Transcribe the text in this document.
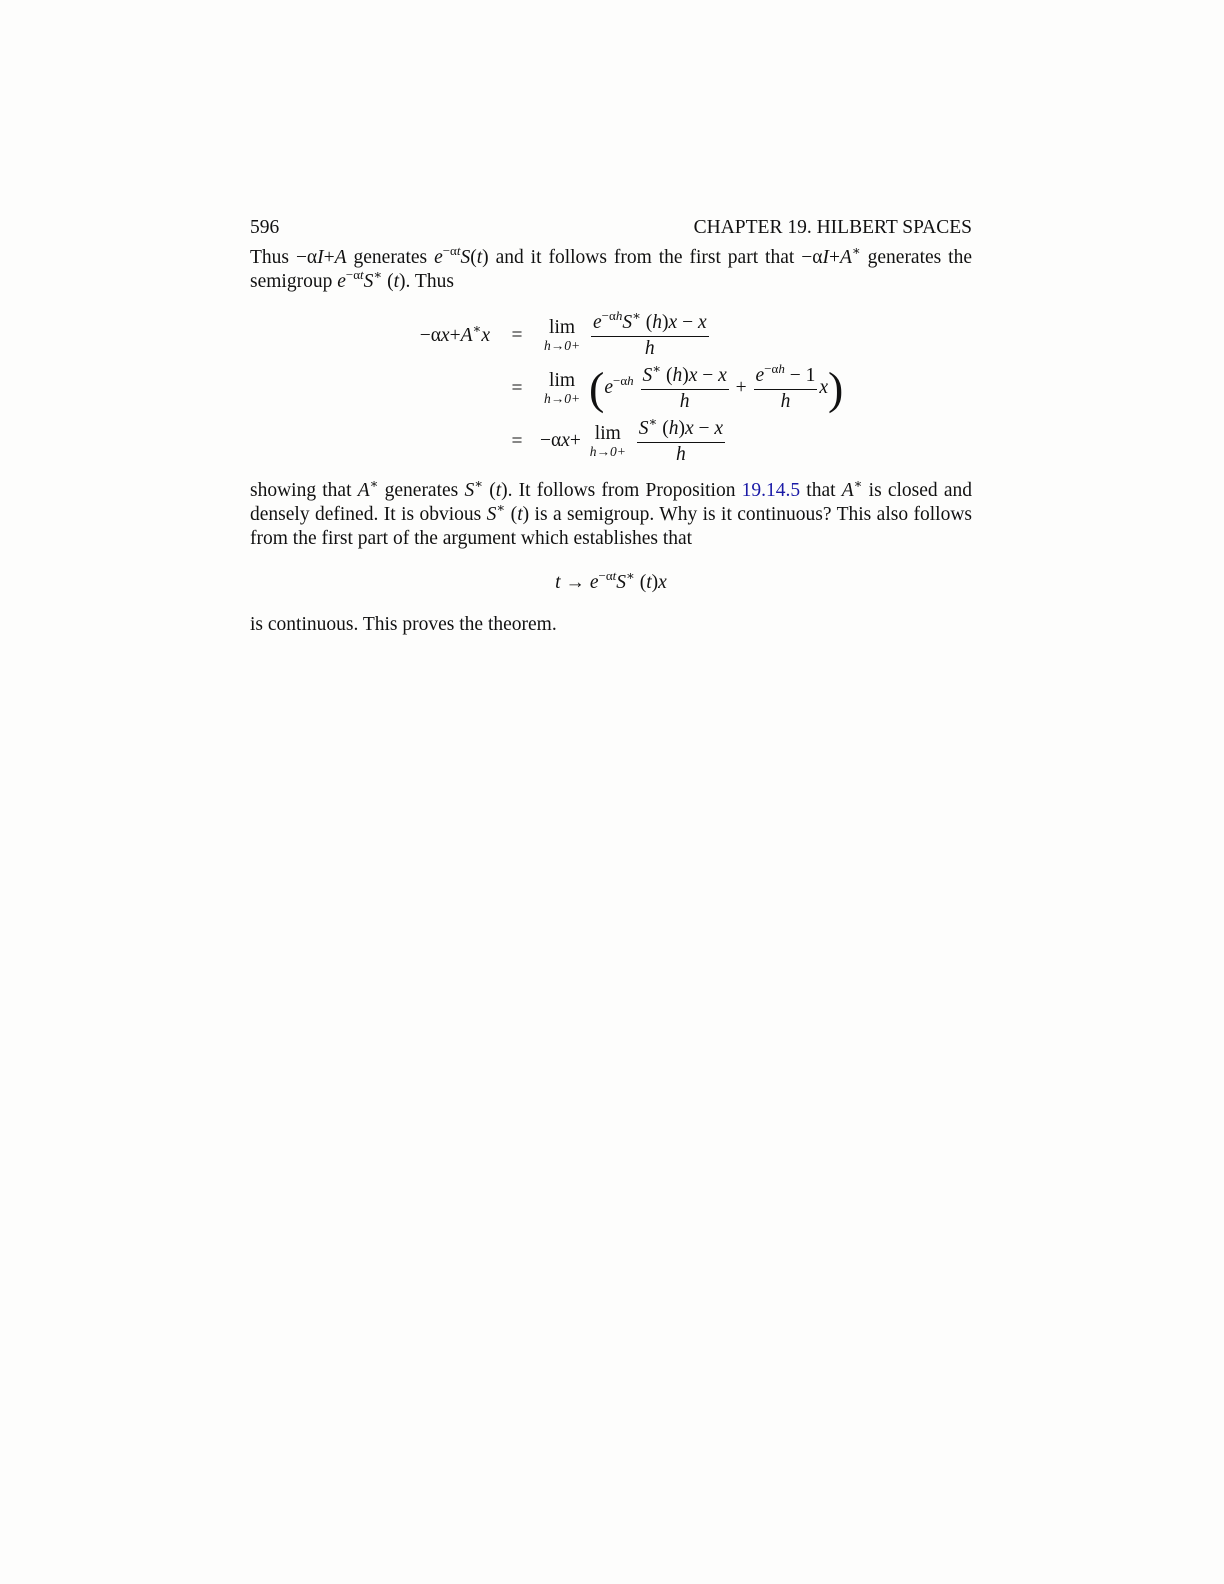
596	CHAPTER 19. HILBERT SPACES

Thus −αI+A generates $e^{-\alpha t}S(t)$ and it follows from the first part that −αI+A∗ generates the semigroup $e^{-\alpha t}S^∗$ (t). Thus

−αx+A∗x	=	lim
h→0+
$\frac{e^{-\alpha h}S^∗ (h)x - x}{h}$
=	lim
$h\to 0+ (e^{-\alpha h} \frac{S^∗ (h)x - x}{h} + \frac{e^{-\alpha h} - 1}{h} x)$
= −αx+ lim
h→0+
$\frac{S^∗ (h)x - x}{h}$

showing that A∗ generates S∗ (t). It follows from Proposition 19.14.5 that A∗ is closed and densely defined. It is obvious S∗ (t) is a semigroup. Why is it continuous? This also follows from the first part of the argument which establishes that

$t \to e^{-\alpha t}S^∗$ (t)x

is continuous. This proves the theorem.
